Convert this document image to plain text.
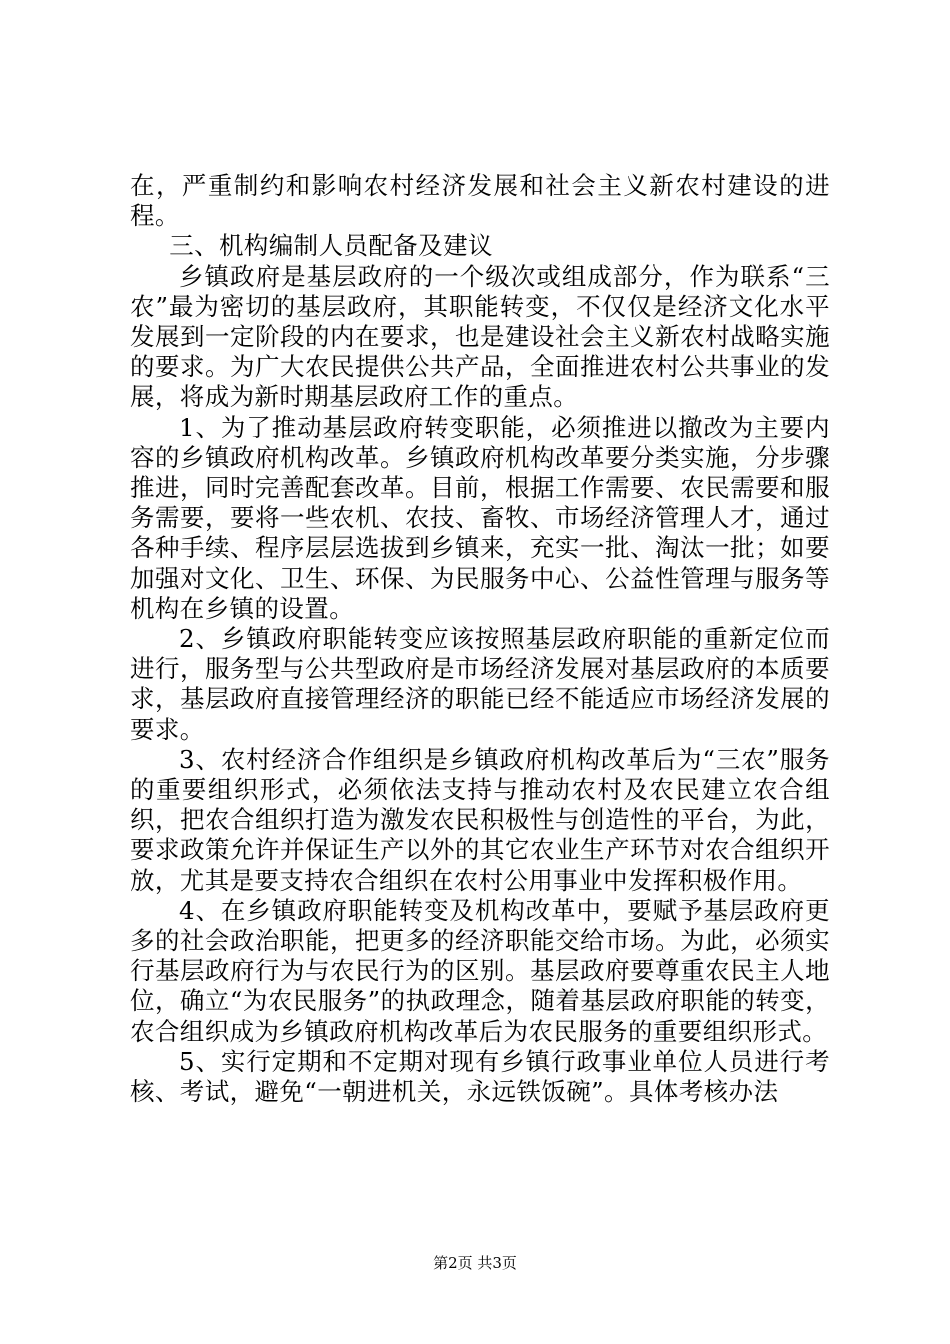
在，严重制约和影响农村经济发展和社会主义新农村建设的进程。

三、机构编制人员配备及建议

乡镇政府是基层政府的一个级次或组成部分，作为联系“三农”最为密切的基层政府，其职能转变，不仅仅是经济文化水平发展到一定阶段的内在要求，也是建设社会主义新农村战略实施的要求。为广大农民提供公共产品，全面推进农村公共事业的发展，将成为新时期基层政府工作的重点。

1、为了推动基层政府转变职能，必须推进以撤改为主要内容的乡镇政府机构改革。乡镇政府机构改革要分类实施，分步骤推进，同时完善配套改革。目前，根据工作需要、农民需要和服务需要，要将一些农机、农技、畜牧、市场经济管理人才，通过各种手续、程序层层选拔到乡镇来，充实一批、淘汰一批；如要加强对文化、卫生、环保、为民服务中心、公益性管理与服务等机构在乡镇的设置。

2、乡镇政府职能转变应该按照基层政府职能的重新定位而进行，服务型与公共型政府是市场经济发展对基层政府的本质要求，基层政府直接管理经济的职能已经不能适应市场经济发展的要求。

3、农村经济合作组织是乡镇政府机构改革后为“三农”服务的重要组织形式，必须依法支持与推动农村及农民建立农合组织，把农合组织打造为激发农民积极性与创造性的平台，为此，要求政策允许并保证生产以外的其它农业生产环节对农合组织开放，尤其是要支持农合组织在农村公用事业中发挥积极作用。

4、在乡镇政府职能转变及机构改革中，要赋予基层政府更多的社会政治职能，把更多的经济职能交给市场。为此，必须实行基层政府行为与农民行为的区别。基层政府要尊重农民主人地位，确立“为农民服务”的执政理念，随着基层政府职能的转变，农合组织成为乡镇政府机构改革后为农民服务的重要组织形式。

5、实行定期和不定期对现有乡镇行政事业单位人员进行考核、考试，避免“一朝进机关，永远铁饭碗”。具体考核办法

第2页 共3页
